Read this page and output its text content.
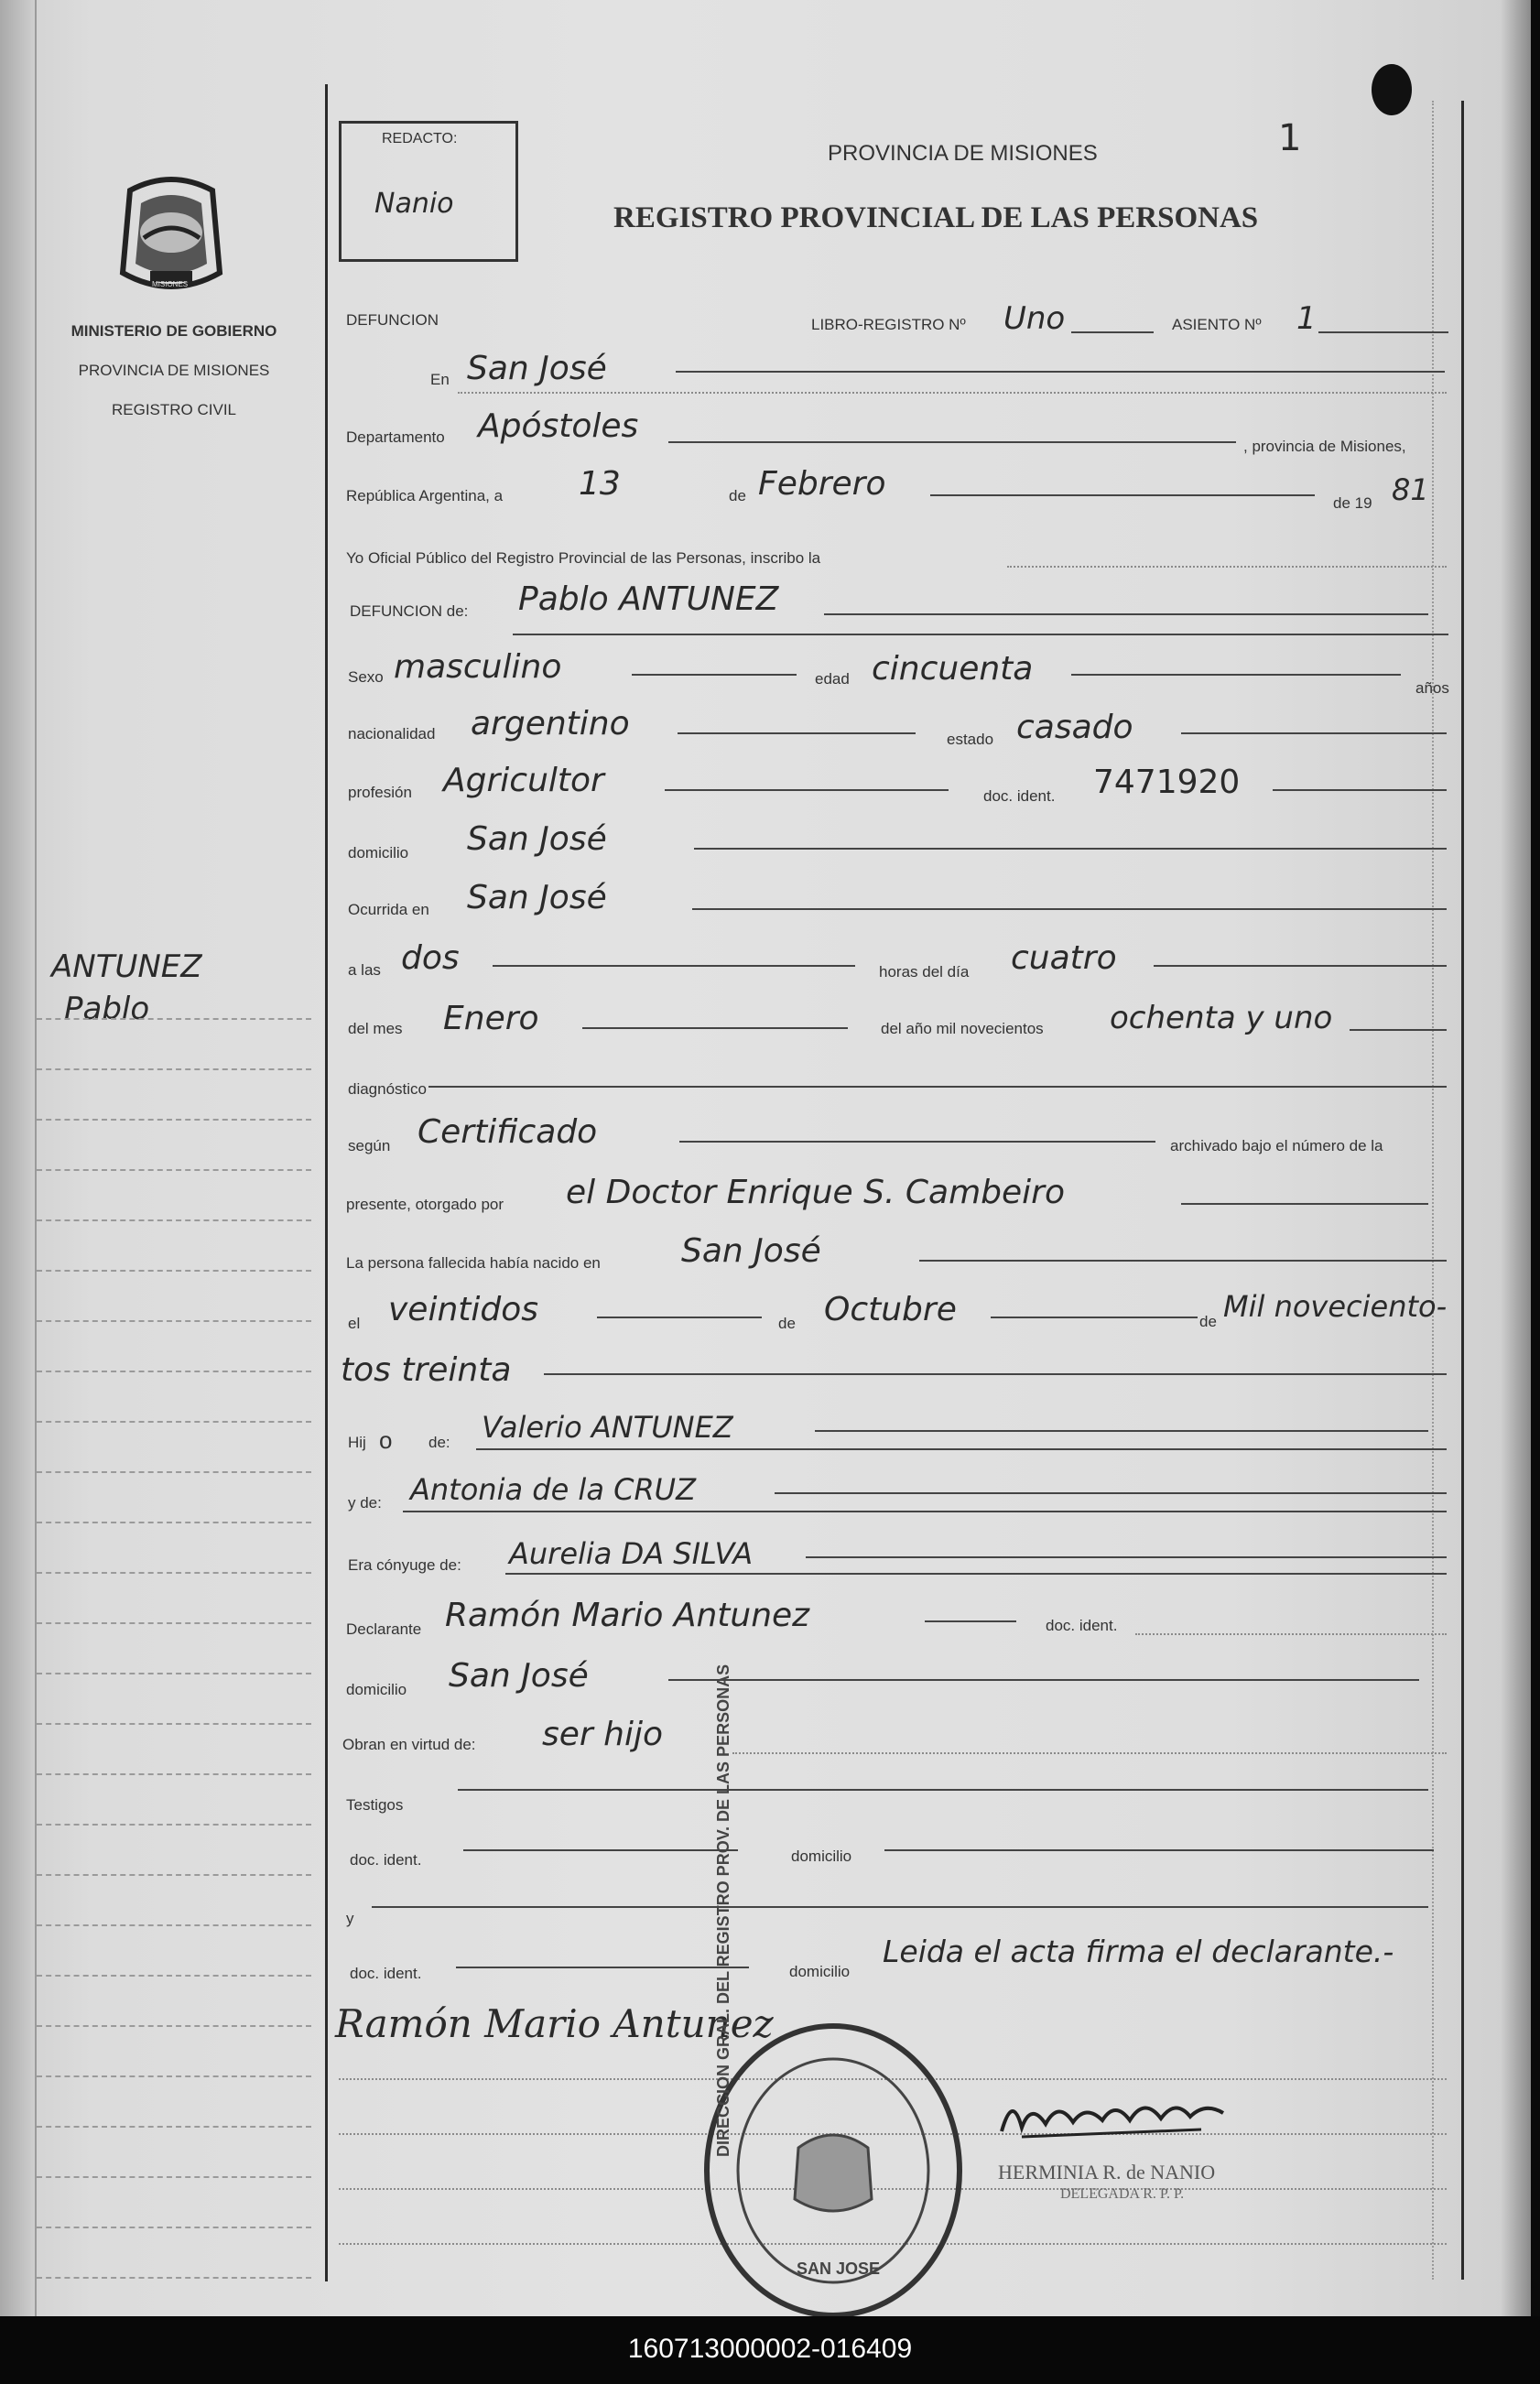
MISIONES
MINISTERIO DE GOBIERNO
PROVINCIA DE MISIONES
REGISTRO CIVIL
ANTUNEZ
Pablo
REDACTO:
Nanio
PROVINCIA DE MISIONES
REGISTRO PROVINCIAL DE LAS PERSONAS
1
DEFUNCION	LIBRO-REGISTRO Nº Uno	ASIENTO Nº 1
En San José
Departamento Apóstoles
, provincia de Misiones,
República Argentina, a 13	de Febrero
de 19 81
Yo Oficial Público del Registro Provincial de las Personas, inscribo la
DEFUNCION de: Pablo ANTUNEZ
Sexo masculino	edad cincuenta
años
nacionalidad argentino	estado casado
profesión Agricultor	doc. ident. 7471920
domicilio San José
Ocurrida en San José
a las dos	horas del día cuatro
del mes Enero	del año mil novecientos ochenta y uno
diagnóstico
según Certificado	archivado bajo el número de la
presente, otorgado por el Doctor Enrique S. Cambeiro
La persona fallecida había nacido en San José
el veintidos	de Octubre	de Mil noveciento-
tos treinta
Hij o de: Valerio ANTUNEZ
y de: Antonia de la CRUZ
Era cónyuge de: Aurelia DA SILVA
Declarante Ramón Mario Antunez	doc. ident.
domicilio San José
Obran en virtud de: ser hijo
Testigos
doc. ident.	domicilio
y
doc. ident.	domicilio
Leida el acta firma el declarante.-
Ramón Mario Antunez
SAN JOSE
HERMINIA R. de NANIO
DELEGADA R. P. P.
160713000002-016409
